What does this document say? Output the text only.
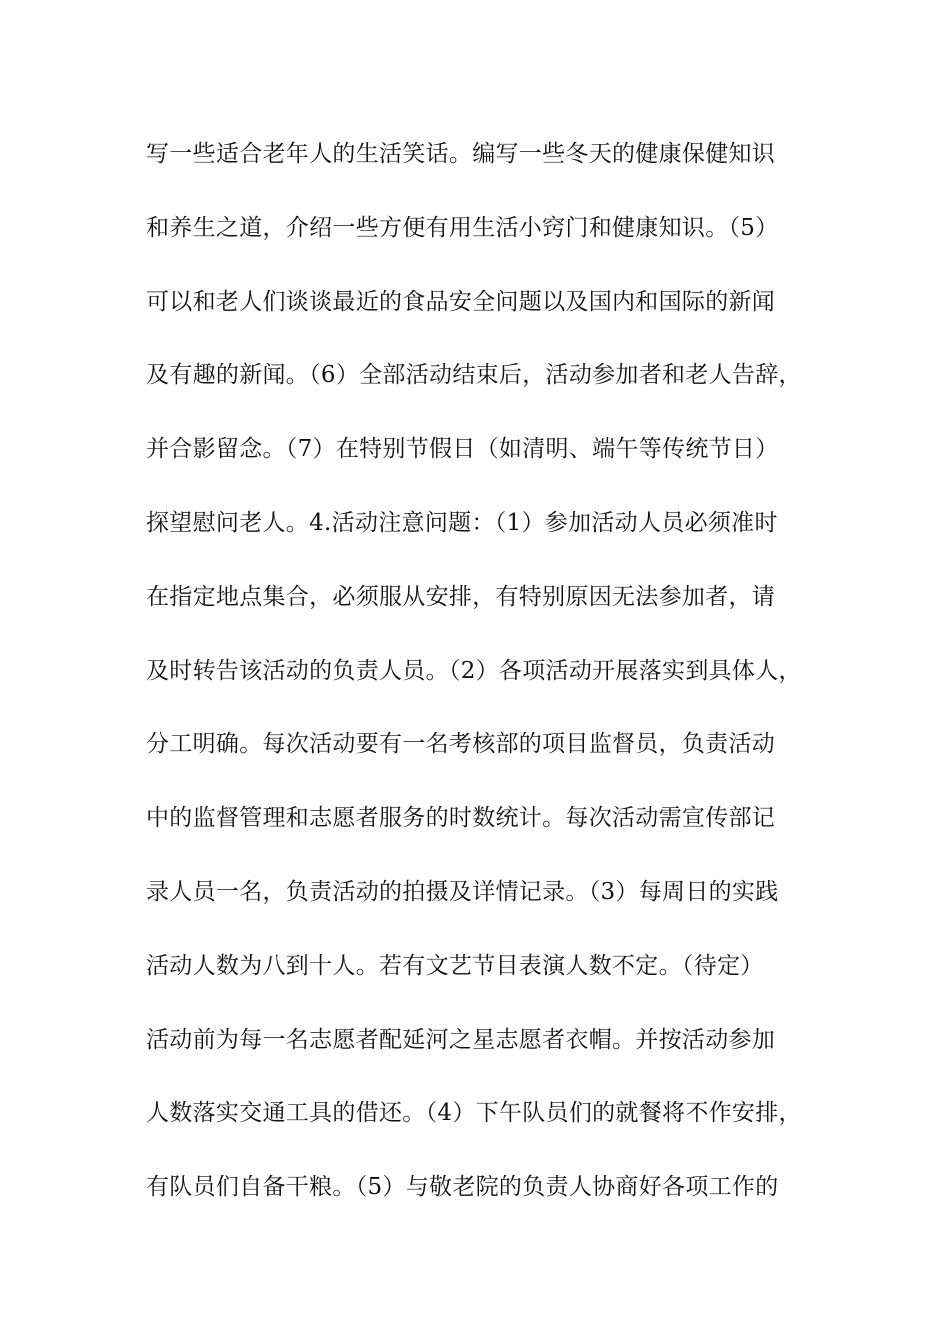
写一些适合老年人的生活笑话。编写一些冬天的健康保健知识
和养生之道，介绍一些方便有用生活小窍门和健康知识。（5）
可以和老人们谈谈最近的食品安全问题以及国内和国际的新闻
及有趣的新闻。（6）全部活动结束后，活动参加者和老人告辞，
并合影留念。（7）在特别节假日（如清明、端午等传统节日）
探望慰问老人。4.活动注意问题：（1）参加活动人员必须准时
在指定地点集合，必须服从安排，有特别原因无法参加者，请
及时转告该活动的负责人员。（2）各项活动开展落实到具体人，
分工明确。每次活动要有一名考核部的项目监督员，负责活动
中的监督管理和志愿者服务的时数统计。每次活动需宣传部记
录人员一名，负责活动的拍摄及详情记录。（3）每周日的实践
活动人数为八到十人。若有文艺节目表演人数不定。（待定）
活动前为每一名志愿者配延河之星志愿者衣帽。并按活动参加
人数落实交通工具的借还。（4）下午队员们的就餐将不作安排，
有队员们自备干粮。（5）与敬老院的负责人协商好各项工作的
